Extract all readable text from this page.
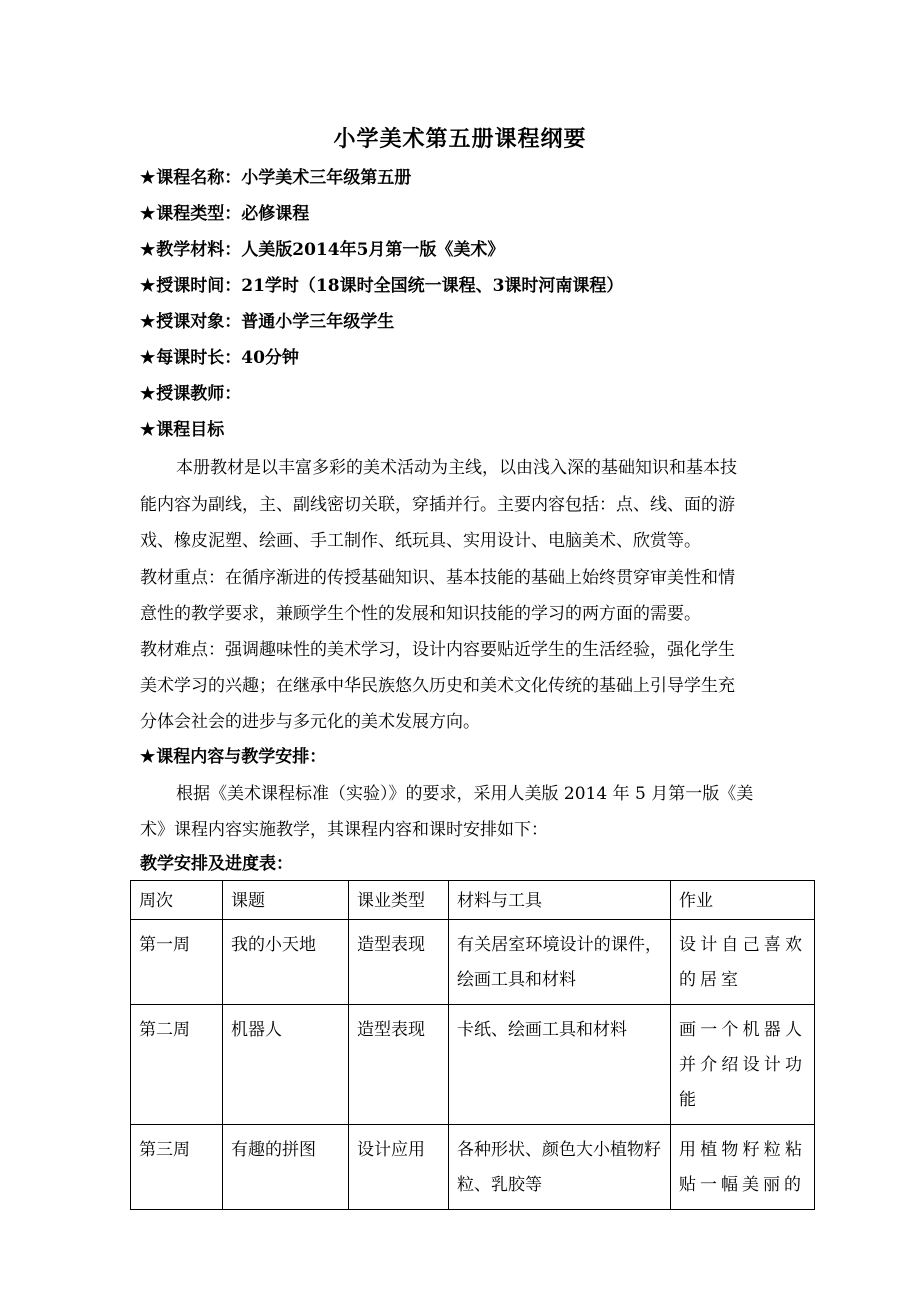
小学美术第五册课程纲要
★课程名称：小学美术三年级第五册
★课程类型：必修课程
★教学材料：人美版2014年5月第一版《美术》
★授课时间：21学时（18课时全国统一课程、3课时河南课程）
★授课对象：普通小学三年级学生
★每课时长：40分钟
★授课教师：
★课程目标
本册教材是以丰富多彩的美术活动为主线，以由浅入深的基础知识和基本技
能内容为副线，主、副线密切关联，穿插并行。主要内容包括：点、线、面的游
戏、橡皮泥塑、绘画、手工制作、纸玩具、实用设计、电脑美术、欣赏等。
教材重点：在循序渐进的传授基础知识、基本技能的基础上始终贯穿审美性和情
意性的教学要求，兼顾学生个性的发展和知识技能的学习的两方面的需要。
教材难点：强调趣味性的美术学习，设计内容要贴近学生的生活经验，强化学生
美术学习的兴趣；在继承中华民族悠久历史和美术文化传统的基础上引导学生充
分体会社会的进步与多元化的美术发展方向。
★课程内容与教学安排：
根据《美术课程标准（实验）》的要求，采用人美版 2014 年 5 月第一版《美
术》课程内容实施教学，其课程内容和课时安排如下：
教学安排及进度表：
周次	课题	课业类型	材料与工具	作业
第一周	我的小天地	造型表现	有关居室环境设计的课件，绘画工具和材料	设计自己喜欢的居室
第二周	机器人	造型表现	卡纸、绘画工具和材料	画一个机器人并介绍设计功能
第三周	有趣的拼图	设计应用	各种形状、颜色大小植物籽粒、乳胶等	用植物籽粒粘贴一幅美丽的
